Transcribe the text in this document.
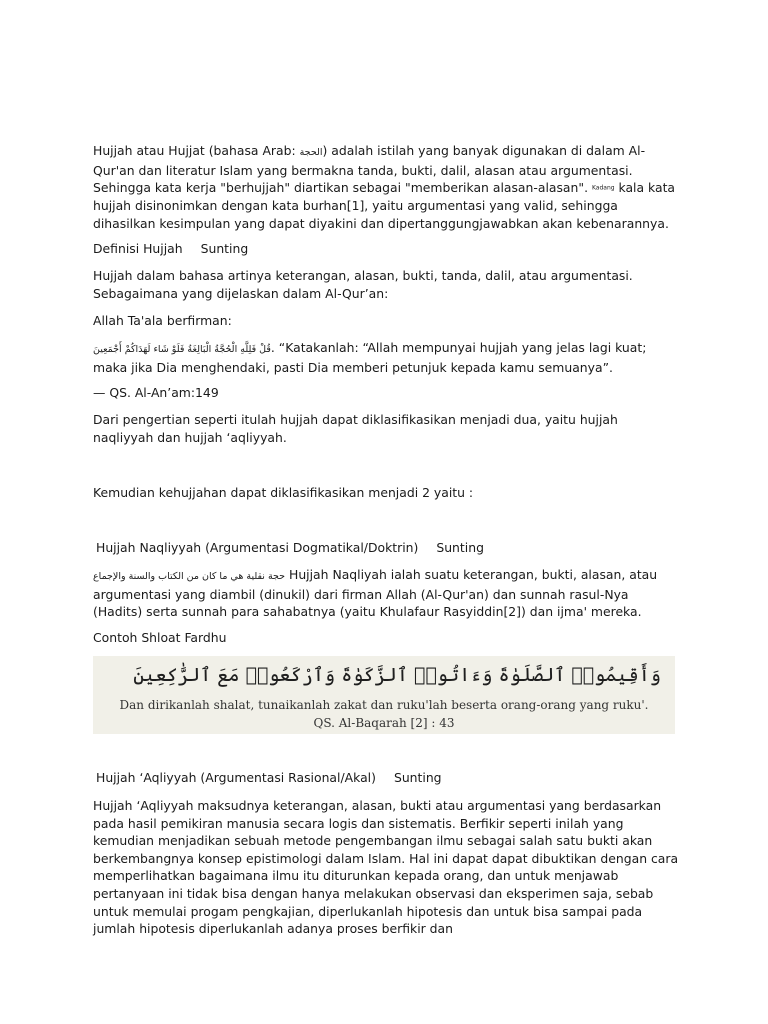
Hujjah atau Hujjat (bahasa Arab: الحجة) adalah istilah yang banyak digunakan di dalam Al-Qur'an dan literatur Islam yang bermakna tanda, bukti, dalil, alasan atau argumentasi. Sehingga kata kerja "berhujjah" diartikan sebagai "memberikan alasan-alasan". Kadang kala kata hujjah disinonimkan dengan kata burhan[1], yaitu argumentasi yang valid, sehingga dihasilkan kesimpulan yang dapat diyakini dan dipertanggungjawabkan akan kebenarannya.

Definisi Hujjah Sunting

Hujjah dalam bahasa artinya keterangan, alasan, bukti, tanda, dalil, atau argumentasi. Sebagaimana yang dijelaskan dalam Al-Qur’an:

Allah Ta'ala berfirman:

قُلْ فَلِلَّهِ الْحُجَّةُ الْبَالِغَةُ فَلَوْ شَاء لَهَدَاكُمْ أَجْمَعِينَ. “Katakanlah: “Allah mempunyai hujjah yang jelas lagi kuat; maka jika Dia menghendaki, pasti Dia memberi petunjuk kepada kamu semuanya”.

— QS. Al-An’am:149

Dari pengertian seperti itulah hujjah dapat diklasifikasikan menjadi dua, yaitu hujjah naqliyyah dan hujjah ‘aqliyyah.

Kemudian kehujjahan dapat diklasifikasikan menjadi 2 yaitu :

Hujjah Naqliyyah (Argumentasi Dogmatikal/Doktrin) Sunting

حجة نقلية هي ما كان من الكتاب والسنة والإجماع Hujjah Naqliyah ialah suatu keterangan, bukti, alasan, atau argumentasi yang diambil (dinukil) dari firman Allah (Al-Qur'an) dan sunnah rasul-Nya (Hadits) serta sunnah para sahabatnya (yaitu Khulafaur Rasyiddin[2]) dan ijma' mereka.

Contoh Shloat Fardhu

وَأَقِيمُوا۟ ٱلصَّلَوٰةَ وَءَاتُوا۟ ٱلزَّكَوٰةَ وَٱرْكَعُوا۟ مَعَ ٱلرَّٰكِعِينَ
Dan dirikanlah shalat, tunaikanlah zakat dan ruku'lah beserta orang-orang yang ruku'. QS. Al-Baqarah [2] : 43

Hujjah ‘Aqliyyah (Argumentasi Rasional/Akal) Sunting

Hujjah ‘Aqliyyah maksudnya keterangan, alasan, bukti atau argumentasi yang berdasarkan pada hasil pemikiran manusia secara logis dan sistematis. Berfikir seperti inilah yang kemudian menjadikan sebuah metode pengembangan ilmu sebagai salah satu bukti akan berkembangnya konsep epistimologi dalam Islam. Hal ini dapat dapat dibuktikan dengan cara memperlihatkan bagaimana ilmu itu diturunkan kepada orang, dan untuk menjawab pertanyaan ini tidak bisa dengan hanya melakukan observasi dan eksperimen saja, sebab untuk memulai progam pengkajian, diperlukanlah hipotesis dan untuk bisa sampai pada jumlah hipotesis diperlukanlah adanya proses berfikir dan
